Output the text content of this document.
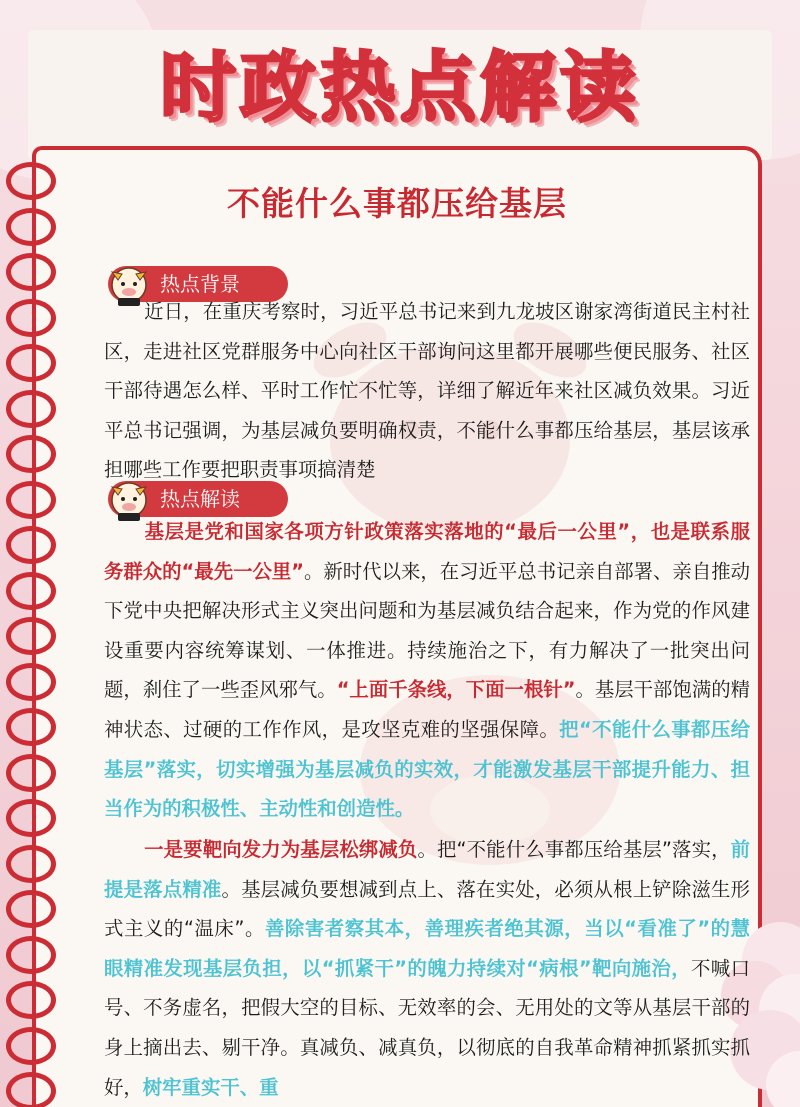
时政热点解读
不能什么事都压给基层
热点背景
近日，在重庆考察时，习近平总书记来到九龙坡区谢家湾街道民主村社区，走进社区党群服务中心向社区干部询问这里都开展哪些便民服务、社区干部待遇怎么样、平时工作忙不忙等，详细了解近年来社区减负效果。习近平总书记强调，为基层减负要明确权责，不能什么事都压给基层，基层该承担哪些工作要把职责事项搞清楚
热点解读
基层是党和国家各项方针政策落实落地的“最后一公里”，也是联系服务群众的“最先一公里”。新时代以来，在习近平总书记亲自部署、亲自推动下党中央把解决形式主义突出问题和为基层减负结合起来，作为党的作风建设重要内容统筹谋划、一体推进。持续施治之下，有力解决了一批突出问题，刹住了一些歪风邪气。“上面千条线，下面一根针”。基层干部饱满的精神状态、过硬的工作作风，是攻坚克难的坚强保障。把“不能什么事都压给基层”落实，切实增强为基层减负的实效，才能激发基层干部提升能力、担当作为的积极性、主动性和创造性。
一是要靶向发力为基层松绑减负。把“不能什么事都压给基层”落实，前提是落点精准。基层减负要想减到点上、落在实处，必须从根上铲除滋生形式主义的“温床”。善除害者察其本，善理疾者绝其源，当以“看准了”的慧眼精准发现基层负担，以“抓紧干”的魄力持续对“病根”靶向施治，不喊口号、不务虚名，把假大空的目标、无效率的会、无用处的文等从基层干部的身上摘出去、剔干净。真减负、减真负，以彻底的自我革命精神抓紧抓实抓好，树牢重实干、重
